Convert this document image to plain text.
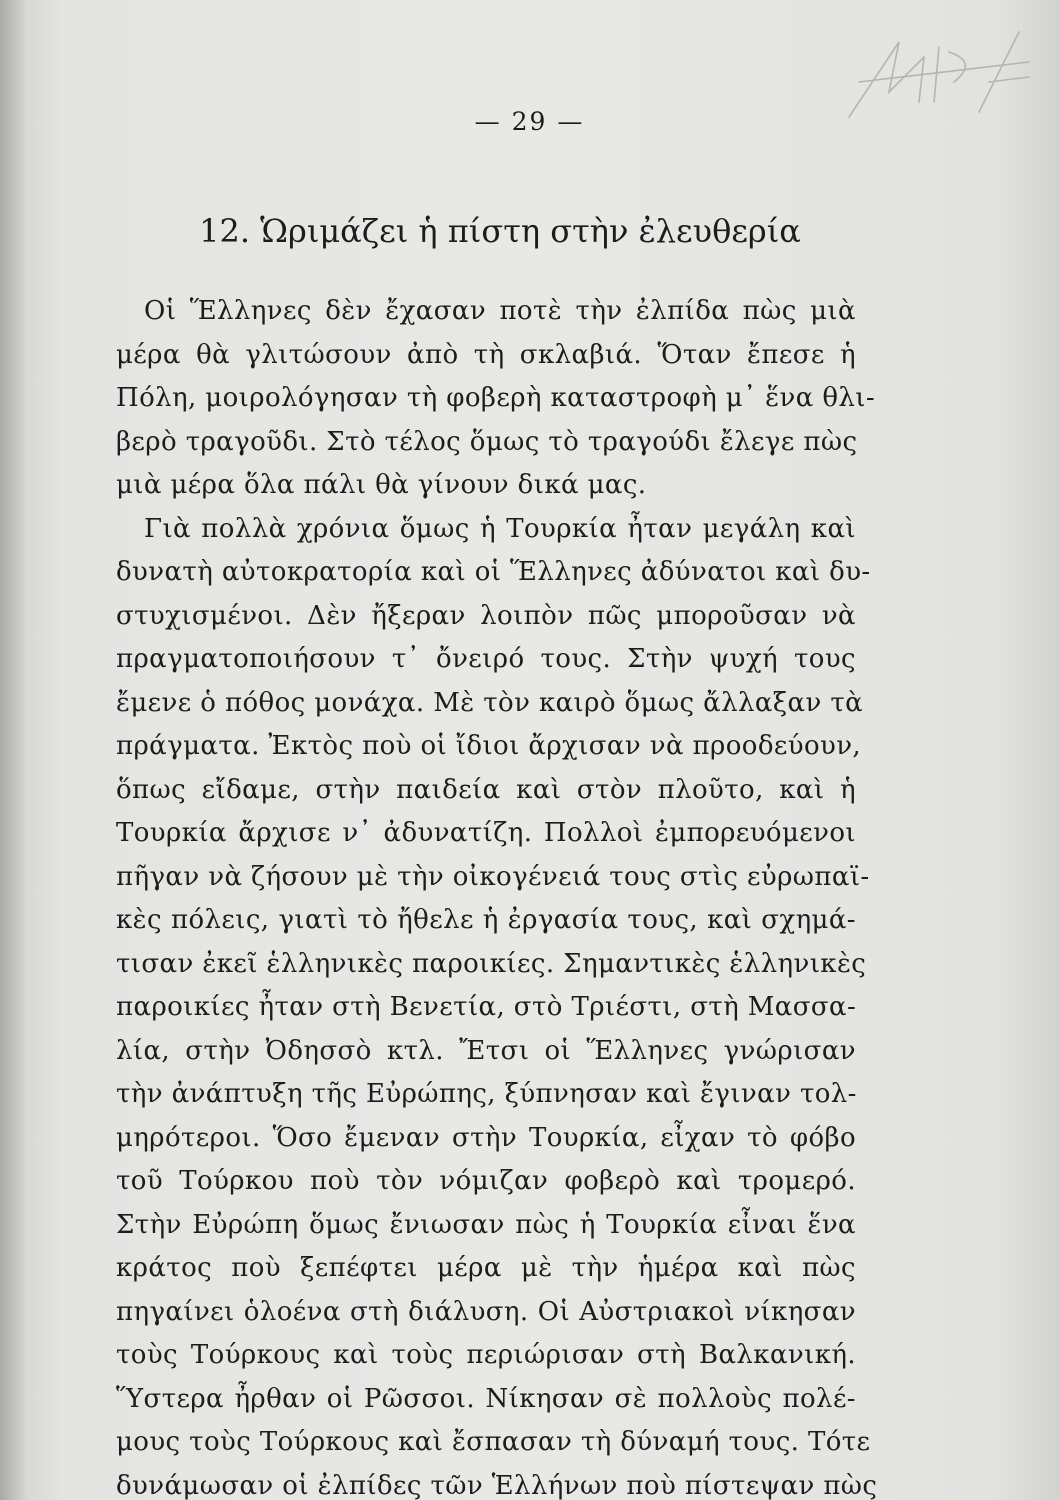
— 29 —
12. Ὡριμάζει ἡ πίστη στὴν ἐλευθερία
Οἱ Ἕλληνες δὲν ἔχασαν ποτὲ τὴν ἐλπίδα πὼς μιὰ
μέρα θὰ γλιτώσουν ἀπὸ τὴ σκλαβιά. Ὅταν ἔπεσε ἡ
Πόλη, μοιρολόγησαν τὴ φοβερὴ καταστροφὴ μ᾽ ἕνα θλι-
βερὸ τραγοῦδι. Στὸ τέλος ὅμως τὸ τραγούδι ἔλεγε πὼς
μιὰ μέρα ὅλα πάλι θὰ γίνουν δικά μας.
Γιὰ πολλὰ χρόνια ὅμως ἡ Τουρκία ἦταν μεγάλη καὶ
δυνατὴ αὐτοκρατορία καὶ οἱ Ἕλληνες ἀδύνατοι καὶ δυ-
στυχισμένοι. Δὲν ἤξεραν λοιπὸν πῶς μποροῦσαν νὰ
πραγματοποιήσουν τ᾽ ὄνειρό τους. Στὴν ψυχή τους
ἔμενε ὁ πόθος μονάχα. Μὲ τὸν καιρὸ ὅμως ἄλλαξαν τὰ
πράγματα. Ἐκτὸς ποὺ οἱ ἴδιοι ἄρχισαν νὰ προοδεύουν,
ὅπως εἴδαμε, στὴν παιδεία καὶ στὸν πλοῦτο, καὶ ἡ
Τουρκία ἄρχισε ν᾽ ἀδυνατίζη. Πολλοὶ ἐμπορευόμενοι
πῆγαν νὰ ζήσουν μὲ τὴν οἰκογένειά τους στὶς εὐρωπαϊ-
κὲς πόλεις, γιατὶ τὸ ἤθελε ἡ ἐργασία τους, καὶ σχημά-
τισαν ἐκεῖ ἑλληνικὲς παροικίες. Σημαντικὲς ἑλληνικὲς
παροικίες ἦταν στὴ Βενετία, στὸ Τριέστι, στὴ Μασσα-
λία, στὴν Ὀδησσὸ κτλ. Ἔτσι οἱ Ἕλληνες γνώρισαν
τὴν ἀνάπτυξη τῆς Εὐρώπης, ξύπνησαν καὶ ἔγιναν τολ-
μηρότεροι. Ὅσο ἔμεναν στὴν Τουρκία, εἶχαν τὸ φόβο
τοῦ Τούρκου ποὺ τὸν νόμιζαν φοβερὸ καὶ τρομερό.
Στὴν Εὐρώπη ὅμως ἔνιωσαν πὼς ἡ Τουρκία εἶναι ἕνα
κράτος ποὺ ξεπέφτει μέρα μὲ τὴν ἡμέρα καὶ πὼς
πηγαίνει ὁλοένα στὴ διάλυση. Οἱ Αὐστριακοὶ νίκησαν
τοὺς Τούρκους καὶ τοὺς περιώρισαν στὴ Βαλκανική.
Ὕστερα ἦρθαν οἱ Ρῶσσοι. Νίκησαν σὲ πολλοὺς πολέ-
μους τοὺς Τούρκους καὶ ἔσπασαν τὴ δύναμή τους. Τότε
δυνάμωσαν οἱ ἐλπίδες τῶν Ἑλλήνων ποὺ πίστεψαν πὼς
